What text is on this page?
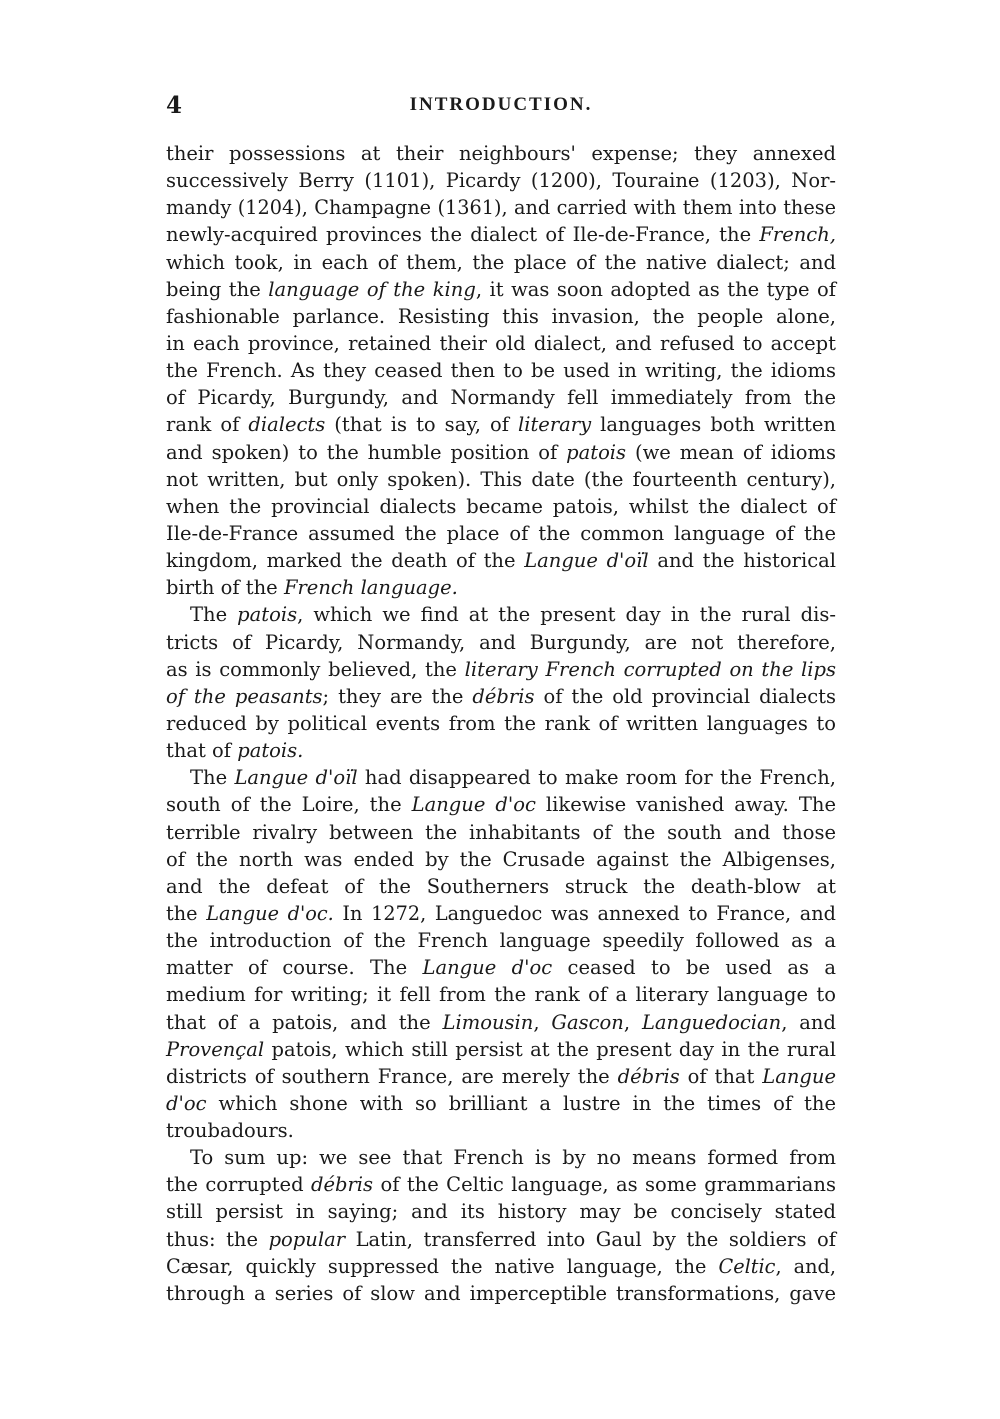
4	INTRODUCTION.
their possessions at their neighbours' expense; they annexed
successively Berry (1101), Picardy (1200), Touraine (1203), Nor-
mandy (1204), Champagne (1361), and carried with them into these
newly-acquired provinces the dialect of Ile-de-France, the French,
which took, in each of them, the place of the native dialect; and
being the language of the king, it was soon adopted as the type of
fashionable parlance. Resisting this invasion, the people alone,
in each province, retained their old dialect, and refused to accept
the French. As they ceased then to be used in writing, the idioms
of Picardy, Burgundy, and Normandy fell immediately from the
rank of dialects (that is to say, of literary languages both written
and spoken) to the humble position of patois (we mean of idioms
not written, but only spoken). This date (the fourteenth century),
when the provincial dialects became patois, whilst the dialect of
Ile-de-France assumed the place of the common language of the
kingdom, marked the death of the Langue d'oïl and the historical
birth of the French language.
The patois, which we find at the present day in the rural dis-
tricts of Picardy, Normandy, and Burgundy, are not therefore,
as is commonly believed, the literary French corrupted on the lips
of the peasants; they are the débris of the old provincial dialects
reduced by political events from the rank of written languages to
that of patois.
The Langue d'oïl had disappeared to make room for the French,
south of the Loire, the Langue d'oc likewise vanished away. The
terrible rivalry between the inhabitants of the south and those
of the north was ended by the Crusade against the Albigenses,
and the defeat of the Southerners struck the death-blow at
the Langue d'oc. In 1272, Languedoc was annexed to France, and
the introduction of the French language speedily followed as a
matter of course. The Langue d'oc ceased to be used as a
medium for writing; it fell from the rank of a literary language to
that of a patois, and the Limousin, Gascon, Languedocian, and
Provençal patois, which still persist at the present day in the rural
districts of southern France, are merely the débris of that Langue
d'oc which shone with so brilliant a lustre in the times of the
troubadours.
To sum up: we see that French is by no means formed from
the corrupted débris of the Celtic language, as some grammarians
still persist in saying; and its history may be concisely stated
thus: the popular Latin, transferred into Gaul by the soldiers of
Cæsar, quickly suppressed the native language, the Celtic, and,
through a series of slow and imperceptible transformations, gave
